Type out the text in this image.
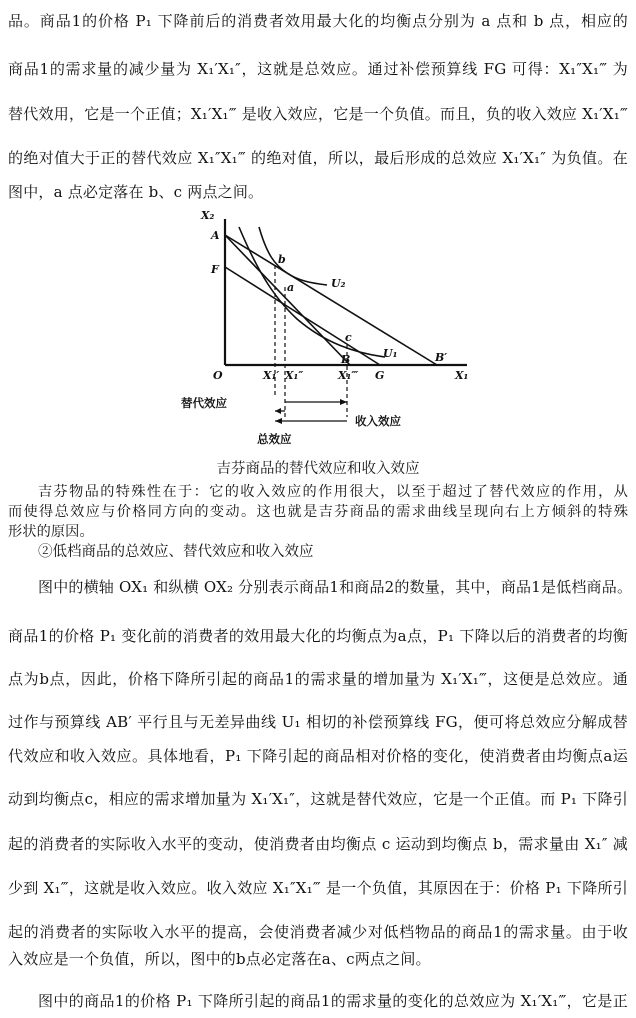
品。商品1的价格 P₁ 下降前后的消费者效用最大化的均衡点分别为 a 点和 b 点，相应的
商品1的需求量的减少量为 X₁′X₁″，这就是总效应。通过补偿预算线 FG 可得：X₁″X₁‴ 为
替代效用，它是一个正值；X₁′X₁‴ 是收入效应，它是一个负值。而且，负的收入效应 X₁′X₁‴
的绝对值大于正的替代效应 X₁″X₁‴ 的绝对值，所以，最后形成的总效应 X₁′X₁″ 为负值。在
图中，a 点必定落在 b、c 两点之间。
X₂
A
F
b
a
c
U₂
U₁
B	B′
G	X₁
O	X₁′ X₁″	X₁‴
替代效应
收入效应
总效应
吉芬商品的替代效应和收入效应
吉芬物品的特殊性在于：它的收入效应的作用很大，以至于超过了替代效应的作用，从
而使得总效应与价格同方向的变动。这也就是吉芬商品的需求曲线呈现向右上方倾斜的特殊
形状的原因。
②低档商品的总效应、替代效应和收入效应
图中的横轴 OX₁ 和纵横 OX₂ 分别表示商品1和商品2的数量，其中，商品1是低档商品。
商品1的价格 P₁ 变化前的消费者的效用最大化的均衡点为a点，P₁ 下降以后的消费者的均衡
点为b点，因此，价格下降所引起的商品1的需求量的增加量为 X₁′X₁‴，这便是总效应。通
过作与预算线 AB′ 平行且与无差异曲线 U₁ 相切的补偿预算线 FG，便可将总效应分解成替
代效应和收入效应。具体地看，P₁ 下降引起的商品相对价格的变化，使消费者由均衡点a运
动到均衡点c，相应的需求增加量为 X₁′X₁″，这就是替代效应，它是一个正值。而 P₁ 下降引
起的消费者的实际收入水平的变动，使消费者由均衡点 c 运动到均衡点 b，需求量由 X₁″ 减
少到 X₁‴，这就是收入效应。收入效应 X₁″X₁‴ 是一个负值，其原因在于：价格 P₁ 下降所引
起的消费者的实际收入水平的提高，会使消费者减少对低档物品的商品1的需求量。由于收
入效应是一个负值，所以，图中的b点必定落在a、c两点之间。
图中的商品1的价格 P₁ 下降所引起的商品1的需求量的变化的总效应为 X₁′X₁‴，它是正
